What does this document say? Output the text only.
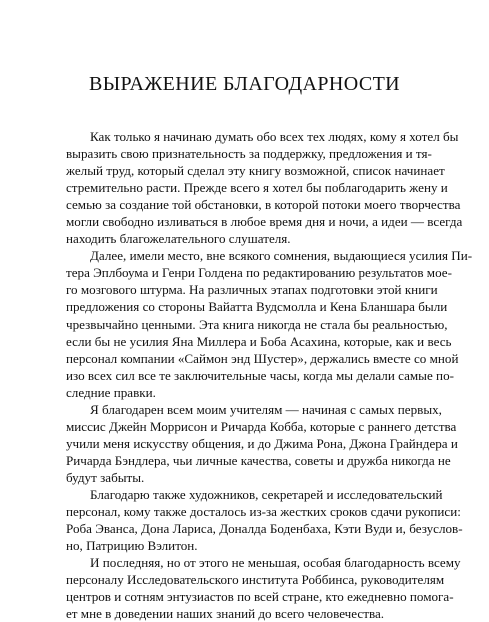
ВЫРАЖЕНИЕ БЛАГОДАРНОСТИ

Как только я начинаю думать обо всех тех людях, кому я хотел бы
выразить свою признательность за поддержку, предложения и тя-
желый труд, который сделал эту книгу возможной, список начинает
стремительно расти. Прежде всего я хотел бы поблагодарить жену и
семью за создание той обстановки, в которой потоки моего творчества
могли свободно изливаться в любое время дня и ночи, а идеи — всегда
находить благожелательного слушателя.

Далее, имели место, вне всякого сомнения, выдающиеся усилия Пи-
тера Эплбоума и Генри Голдена по редактированию результатов мое-
го мозгового штурма. На различных этапах подготовки этой книги
предложения со стороны Вайатта Вудсмолла и Кена Бланшара были
чрезвычайно ценными. Эта книга никогда не стала бы реальностью,
если бы не усилия Яна Миллера и Боба Асахина, которые, как и весь
персонал компании «Саймон энд Шустер», держались вместе со мной
изо всех сил все те заключительные часы, когда мы делали самые по-
следние правки.

Я благодарен всем моим учителям — начиная с самых первых,
миссис Джейн Моррисон и Ричарда Кобба, которые с раннего детства
учили меня искусству общения, и до Джима Рона, Джона Грайндера и
Ричарда Бэндлера, чьи личные качества, советы и дружба никогда не
будут забыты.

Благодарю также художников, секретарей и исследовательский
персонал, кому также досталось из-за жестких сроков сдачи рукописи:
Роба Эванса, Дона Лариса, Доналда Боденбаха, Кэти Вуди и, безуслов-
но, Патрицию Вэлитон.

И последняя, но от этого не меньшая, особая благодарность всему
персоналу Исследовательского института Роббинса, руководителям
центров и сотням энтузиастов по всей стране, кто ежедневно помога-
ет мне в доведении наших знаний до всего человечества.
